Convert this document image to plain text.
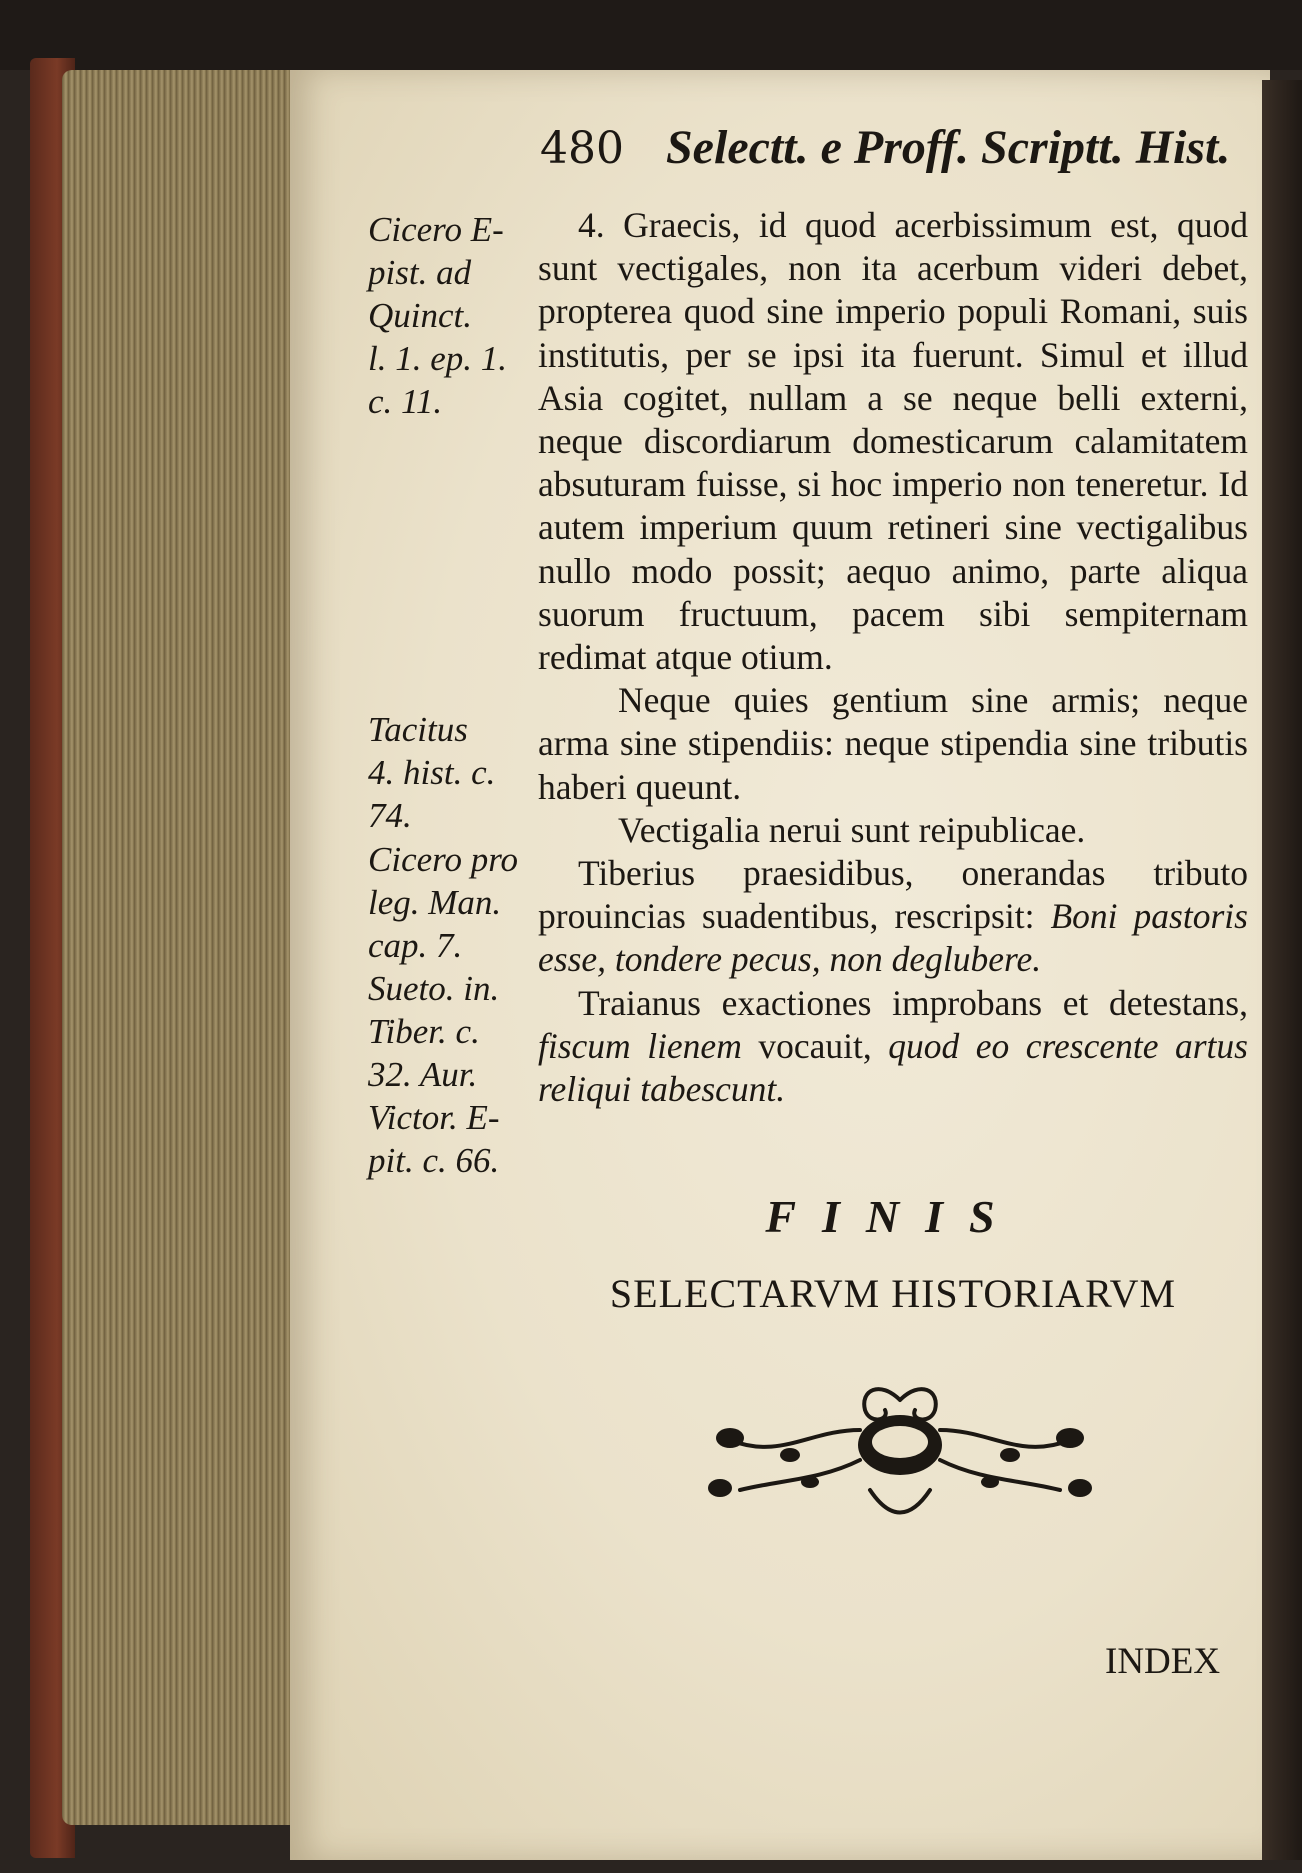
480 Selectt. e Proff. Scriptt. Hist.
Cicero E-
pist. ad
Quinct.
l. 1. ep. 1.
c. 11.
Tacitus
4. hist. c.
74.
Cicero pro
leg. Man.
cap. 7.
Sueto. in.
Tiber. c.
32. Aur.
Victor. E-
pit. c. 66.

4. Graecis, id quod acerbissimum est, quod sunt vectigales, non ita acerbum videri debet, propterea quod sine imperio populi Romani, suis institutis, per se ipsi ita fuerunt. Simul et illud Asia cogitet, nullam a se neque belli externi, neque discordiarum domesticarum calamitatem absuturam fuisse, si hoc imperio non teneretur. Id autem imperium quum retineri sine vectigalibus nullo modo possit; aequo animo, parte aliqua suorum fructuum, pacem sibi sempiternam redimat atque otium.

Neque quies gentium sine armis; neque arma sine stipendiis: neque stipendia sine tributis haberi queunt.

Vectigalia nerui sunt reipublicae.

Tiberius praesidibus, onerandas tributo prouincias suadentibus, rescripsit: Boni pastoris esse, tondere pecus, non deglubere.

Traianus exactiones improbans et detestans, fiscum lienem vocauit, quod eo crescente artus reliqui tabescunt.

FINIS
SELECTARVM HISTORIARVM
INDEX
